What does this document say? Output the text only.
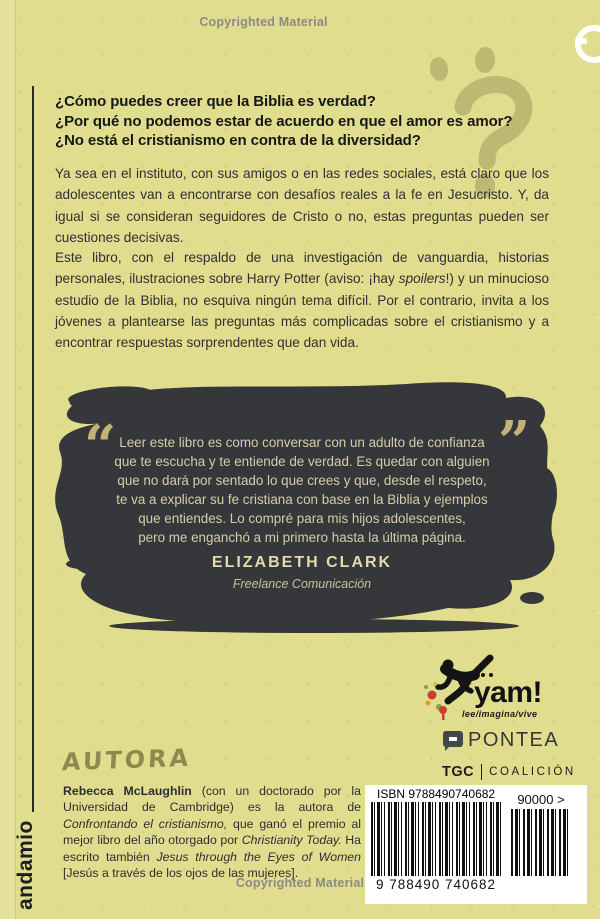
Copyrighted Material
andamio
¿Cómo puedes creer que la Biblia es verdad?
¿Por qué no podemos estar de acuerdo en que el amor es amor?
¿No está el cristianismo en contra de la diversidad?

Ya sea en el instituto, con sus amigos o en las redes sociales, está claro que los adolescentes van a encontrarse con desafíos reales a la fe en Jesucristo. Y, da igual si se consideran seguidores de Cristo o no, estas preguntas pueden ser cuestiones decisivas.

Este libro, con el respaldo de una investigación de vanguardia, historias personales, ilustraciones sobre Harry Potter (aviso: ¡hay spoilers!) y un minucioso estudio de la Biblia, no esquiva ningún tema difícil. Por el contrario, invita a los jóvenes a plantearse las preguntas más complicadas sobre el cristianismo y a encontrar respuestas sorprendentes que dan vida.

“	”
Leer este libro es como conversar con un adulto de confianza
que te escucha y te entiende de verdad. Es quedar con alguien
que no dará por sentado lo que crees y que, desde el respeto,
te va a explicar su fe cristiana con base en la Biblia y ejemplos
que entiendes. Lo compré para mis hijos adolescentes,
pero me enganchó a mi primero hasta la última página.
ELIZABETH CLARK
Freelance Comunicación
yam!
lee/imagina/vive
PONTEA
TGC COALICIÓN
AUTORA

Rebecca McLaughlin (con un doctorado por la Universidad de Cambridge) es la autora de Confrontando el cristianismo, que ganó el premio al mejor libro del año otorgado por Christianity Today. Ha escrito también Jesus through the Eyes of Women [Jesús a través de los ojos de las mujeres].

ISBN 9788490740682
9 788490 740682
90000 >
Copyrighted Material
